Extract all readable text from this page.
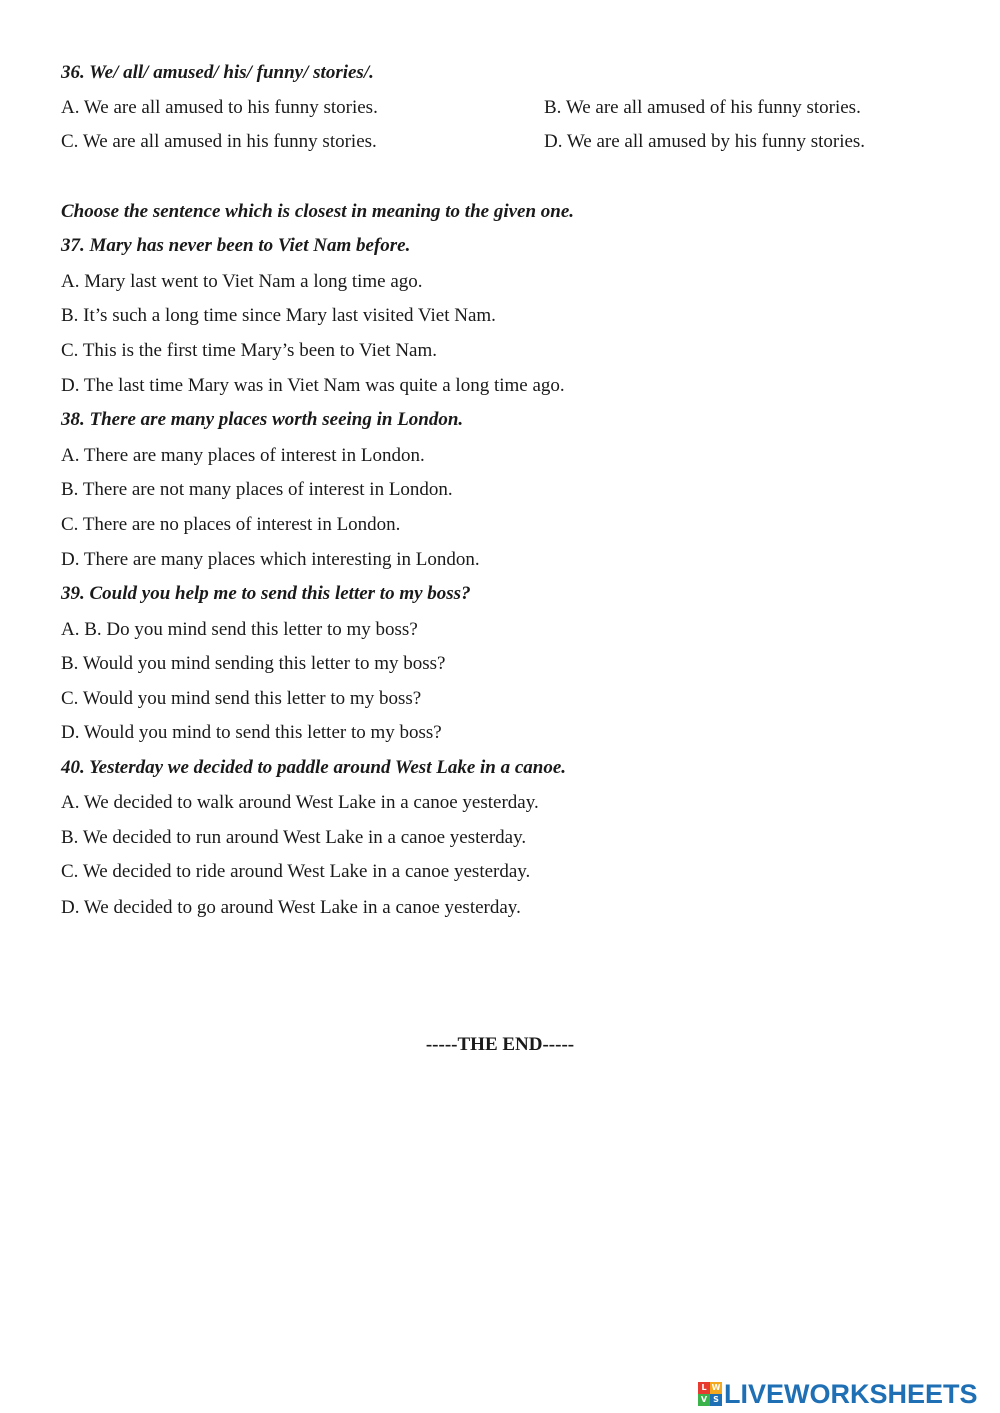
36. We/ all/ amused/ his/ funny/ stories/.
A. We are all amused to his funny stories.	B. We are all amused of his funny stories.
C. We are all amused in his funny stories.	D. We are all amused by his funny stories.
Choose the sentence which is closest in meaning to the given one.
37. Mary has never been to Viet Nam before.
A. Mary last went to Viet Nam a long time ago.
B. It’s such a long time since Mary last visited Viet Nam.
C. This is the first time Mary’s been to Viet Nam.
D. The last time Mary was in Viet Nam was quite a long time ago.
38. There are many places worth seeing in London.
A. There are many places of interest in London.
B. There are not many places of interest in London.
C. There are no places of interest in London.
D. There are many places which interesting in London.
39. Could you help me to send this letter to my boss?
A. B. Do you mind send this letter to my boss?
B. Would you mind sending this letter to my boss?
C. Would you mind send this letter to my boss?
D. Would you mind to send this letter to my boss?
40. Yesterday we decided to paddle around West Lake in a canoe.
A. We decided to walk around West Lake in a canoe yesterday.
B. We decided to run around West Lake in a canoe yesterday.
C. We decided to ride around West Lake in a canoe yesterday.
D. We decided to go around West Lake in a canoe yesterday.
-----THE END-----
L W
V S LIVEWORKSHEETS
